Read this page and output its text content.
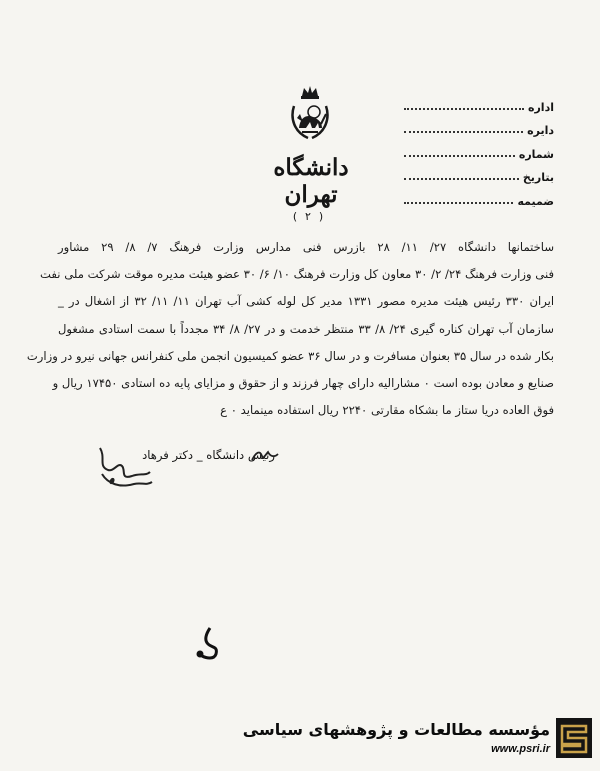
اداره
دايره
شماره
بتاريخ
ضميمه
دانشگاه تهران
( ۲ )
ساختمانها دانشگاه ۲۷/ ۱۱/ ۲۸ بازرس فنی مدارس وزارت فرهنگ ۷/ ۸/ ۲۹ مشاور
فنی وزارت فرهنگ ۲۴/ ۲/ ۳۰ معاون کل وزارت فرهنگ ۱۰/ ۶/ ۳۰ عضو هیئت مدیره موقت شرکت ملی نفت
ایران ۳۳۰ رئیس هیئت مدیره مصور ۱۳۳۱ مدیر کل لوله کشی آب تهران ۱۱/ ۱۱/ ۳۲ از اشغال در _
سازمان آب تهران کناره گیری ۲۴/ ۸/ ۳۳ منتظر خدمت و در ۲۷/ ۸/ ۳۴ مجدداً با سمت استادی مشغول
بکار شده در سال ۳۵ بعنوان مسافرت و در سال ۳۶ عضو کمیسیون انجمن ملی کنفرانس جهانی نیرو در وزارت
صنایع و معادن بوده است ۰ مشارالیه دارای چهار فرزند و از حقوق و مزایای پایه ده استادی ۱۷۴۵۰ ریال و
فوق العاده دریا ستاز ما بشکاه مقارتی ۲۲۴۰ ریال استفاده مینماید ۰ ع
رئیس دانشگاه _ دکتر فرهاد
مؤسسه مطالعات و پژوهشهای سیاسی
www.psri.ir
